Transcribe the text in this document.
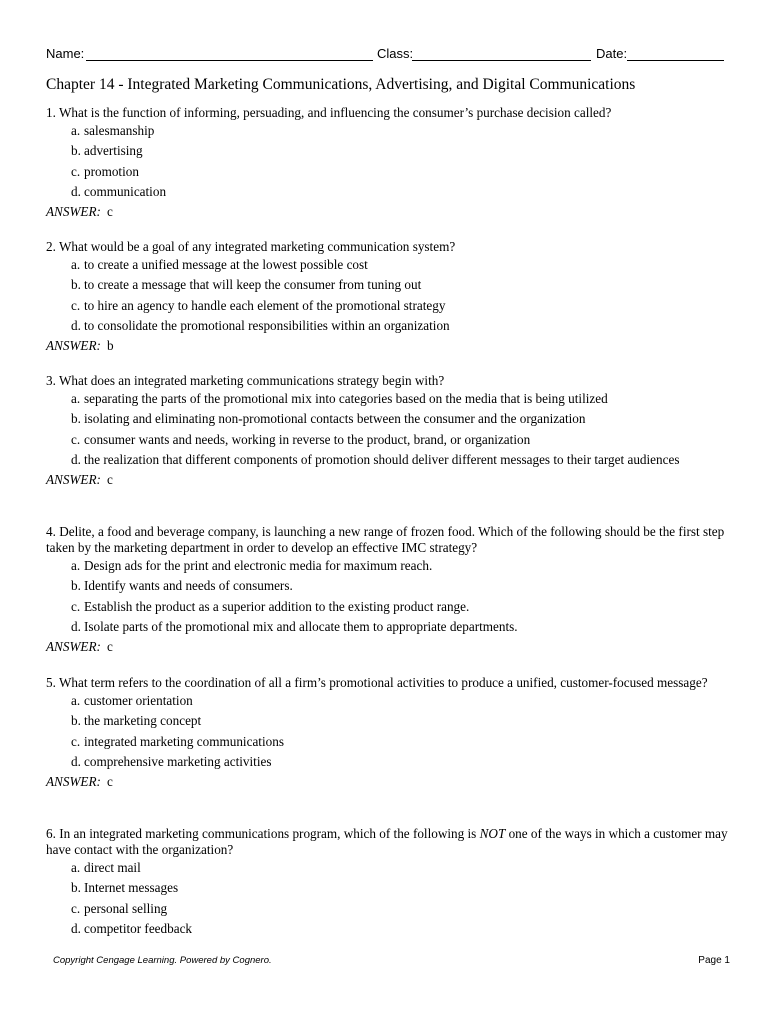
Name:	Class:	Date:
Chapter 14 - Integrated Marketing Communications, Advertising, and Digital Communications

1. What is the function of informing, persuading, and influencing the consumer’s purchase decision called?

a. salesmanship
b. advertising
c. promotion
d. communication
ANSWER: c

2. What would be a goal of any integrated marketing communication system?

a. to create a unified message at the lowest possible cost
b. to create a message that will keep the consumer from tuning out
c. to hire an agency to handle each element of the promotional strategy
d. to consolidate the promotional responsibilities within an organization
ANSWER: b

3. What does an integrated marketing communications strategy begin with?

a. separating the parts of the promotional mix into categories based on the media that is being utilized
b. isolating and eliminating non-promotional contacts between the consumer and the organization
c. consumer wants and needs, working in reverse to the product, brand, or organization
d. the realization that different components of promotion should deliver different messages to their target audiences
ANSWER: c

4. Delite, a food and beverage company, is launching a new range of frozen food. Which of the following should be the first step taken by the marketing department in order to develop an effective IMC strategy?

a. Design ads for the print and electronic media for maximum reach.
b. Identify wants and needs of consumers.
c. Establish the product as a superior addition to the existing product range.
d. Isolate parts of the promotional mix and allocate them to appropriate departments.
ANSWER: c

5. What term refers to the coordination of all a firm’s promotional activities to produce a unified, customer-focused message?

a. customer orientation
b. the marketing concept
c. integrated marketing communications
d. comprehensive marketing activities
ANSWER: c

6. In an integrated marketing communications program, which of the following is NOT one of the ways in which a customer may have contact with the organization?

a. direct mail
b. Internet messages
c. personal selling
d. competitor feedback
Copyright Cengage Learning. Powered by Cognero.	Page 1
